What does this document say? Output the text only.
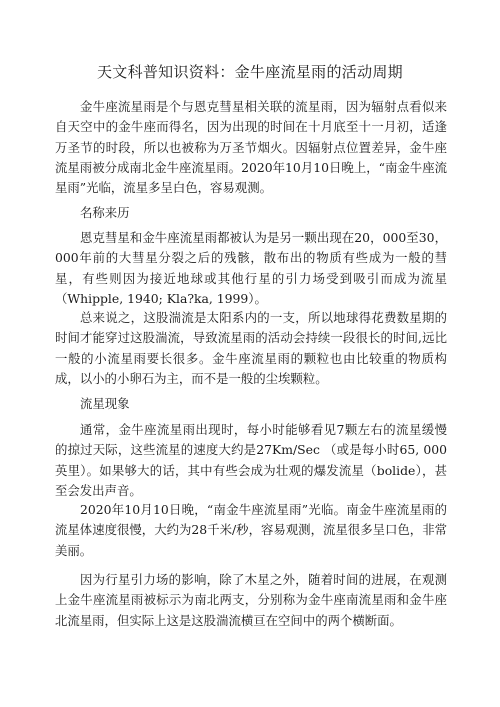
天文科普知识资料：金牛座流星雨的活动周期

金牛座流星雨是个与恩克彗星相关联的流星雨，因为辐射点看似来自天空中的金牛座而得名，因为出现的时间在十月底至十一月初，适逢万圣节的时段，所以也被称为万圣节烟火。因辐射点位置差异，金牛座流星雨被分成南北金牛座流星雨。2020年10月10日晚上，“南金牛座流星雨”光临，流星多呈白色，容易观测。

名称来历

恩克彗星和金牛座流星雨都被认为是另一颗出现在20，000至30，000年前的大彗星分裂之后的残骸，散布出的物质有些成为一般的彗星，有些则因为接近地球或其他行星的引力场受到吸引而成为流星（Whipple, 1940; Kla?ka, 1999）。

总来说之，这股湍流是太阳系内的一支，所以地球得花费数星期的时间才能穿过这股湍流，导致流星雨的活动会持续一段很长的时间,远比一般的小流星雨要长很多。金牛座流星雨的颗粒也由比较重的物质构成，以小的小卵石为主，而不是一般的尘埃颗粒。

流星现象

通常，金牛座流星雨出现时，每小时能够看见7颗左右的流星缓慢的掠过天际，这些流星的速度大约是27Km/Sec （或是每小时65, 000英里）。如果够大的话，其中有些会成为壮观的爆发流星（bolide），甚至会发出声音。

2020年10月10日晚，“南金牛座流星雨”光临。南金牛座流星雨的流星体速度很慢，大约为28千米/秒，容易观测，流星很多呈口色，非常美丽。

因为行星引力场的影响，除了木星之外，随着时间的进展，在观测上金牛座流星雨被标示为南北两支，分别称为金牛座南流星雨和金牛座北流星雨，但实际上这是这股湍流横亘在空间中的两个横断面。
